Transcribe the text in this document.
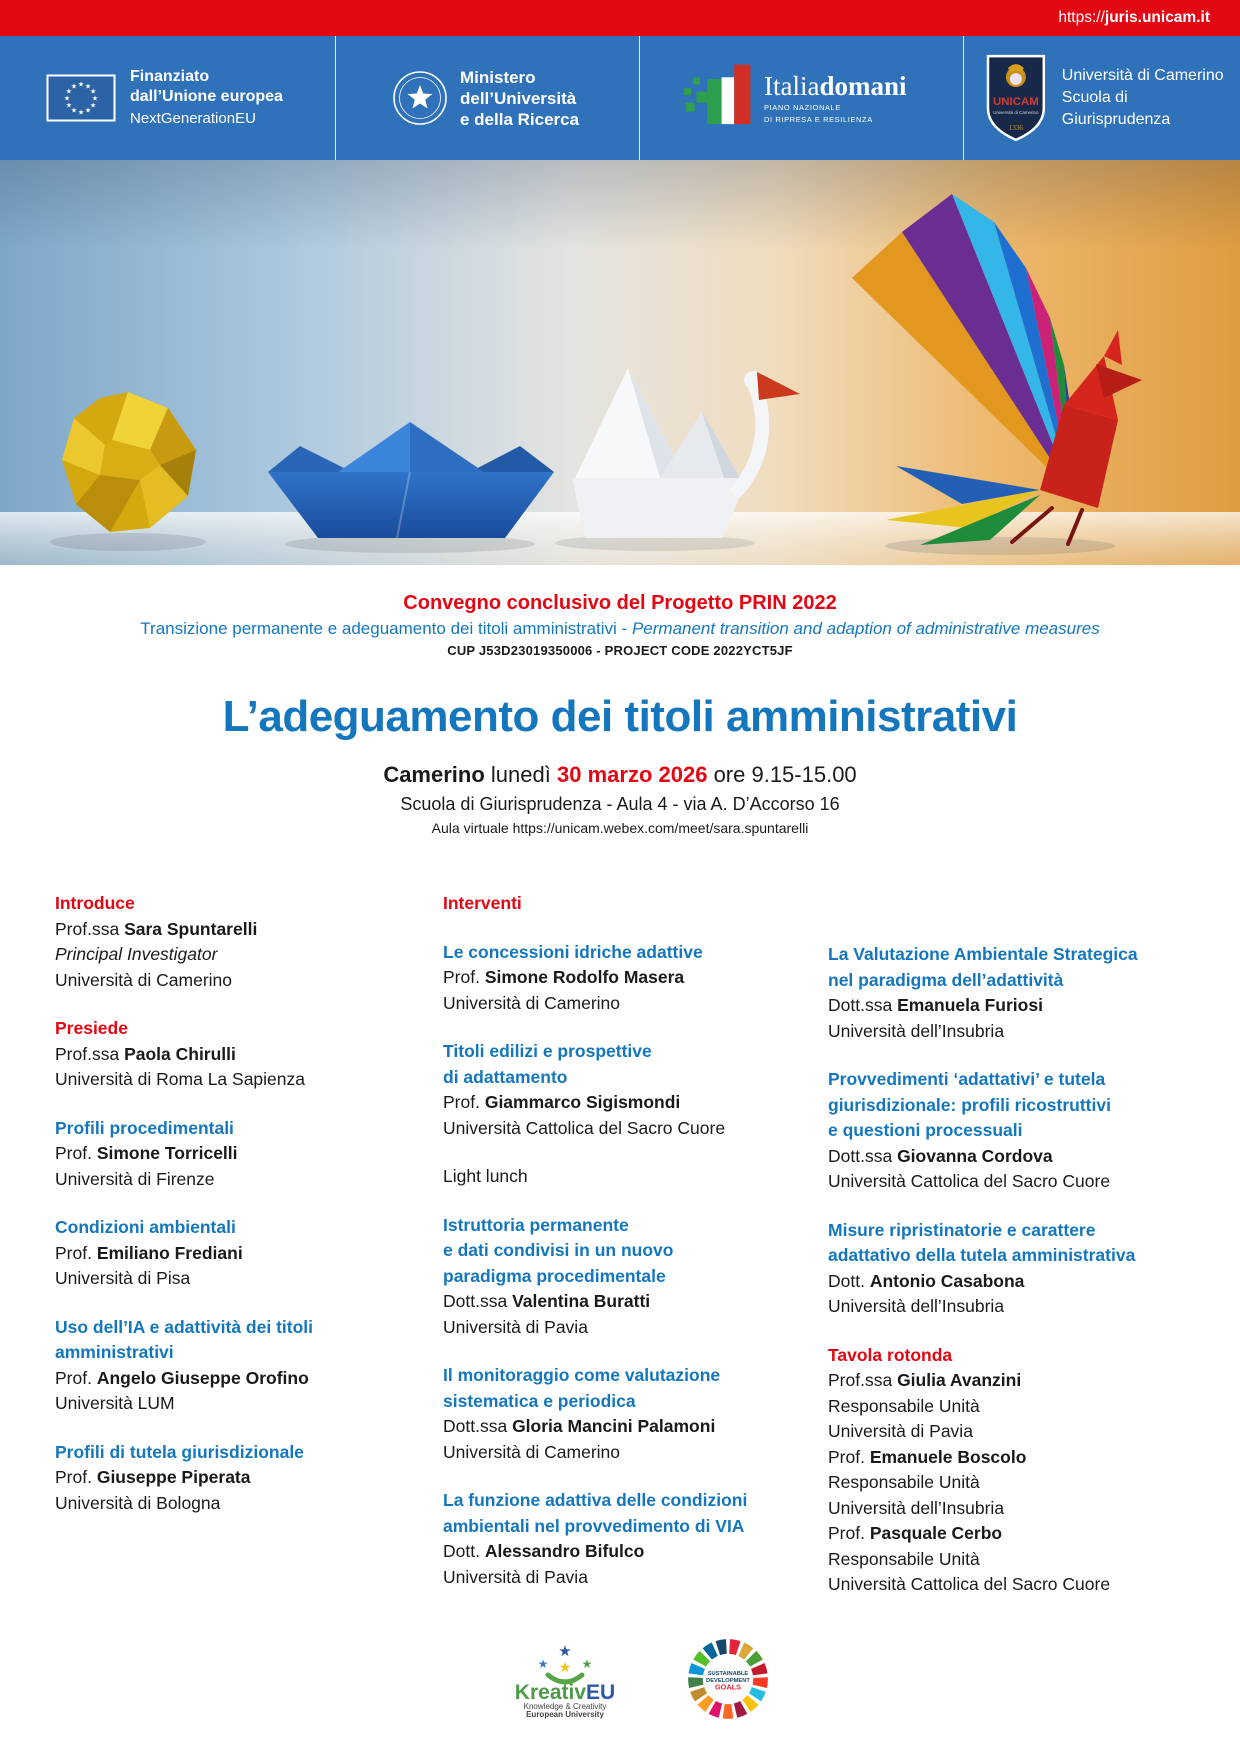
https://juris.unicam.it
★ ★
★
★
★
★
★
★
★
★
★
★
Finanziato
dall’Unione europea
NextGenerationEU
Ministero
dell’Università
e della Ricerca
Italiadomani
PIANO NAZIONALE
DI RIPRESA E RESILIENZA
UNICAM
Università di Camerino
1336
Università di Camerino
Scuola di Giurisprudenza
Convegno conclusivo del Progetto PRIN 2022
Transizione permanente e adeguamento dei titoli amministrativi - Permanent transition and adaption of administrative measures
CUP J53D23019350006 - PROJECT CODE 2022YCT5JF
L’adeguamento dei titoli amministrativi
Camerino lunedì 30 marzo 2026 ore 9.15-15.00
Scuola di Giurisprudenza - Aula 4 - via A. D’Accorso 16
Aula virtuale https://unicam.webex.com/meet/sara.spuntarelli
Introduce
Prof.ssa Sara Spuntarelli
Principal Investigator
Università di Camerino
Presiede
Prof.ssa Paola Chirulli
Università di Roma La Sapienza
Profili procedimentali
Prof. Simone Torricelli
Università di Firenze
Condizioni ambientali
Prof. Emiliano Frediani
Università di Pisa
Uso dell’IA e adattività dei titoli
amministrativi
Prof. Angelo Giuseppe Orofino
Università LUM
Profili di tutela giurisdizionale
Prof. Giuseppe Piperata
Università di Bologna
Interventi
Le concessioni idriche adattive
Prof. Simone Rodolfo Masera
Università di Camerino
Titoli edilizi e prospettive
di adattamento
Prof. Giammarco Sigismondi
Università Cattolica del Sacro Cuore
Light lunch
Istruttoria permanente
e dati condivisi in un nuovo
paradigma procedimentale
Dott.ssa Valentina Buratti
Università di Pavia
Il monitoraggio come valutazione
sistematica e periodica
Dott.ssa Gloria Mancini Palamoni
Università di Camerino
La funzione adattiva delle condizioni
ambientali nel provvedimento di VIA
Dott. Alessandro Bifulco
Università di Pavia
La Valutazione Ambientale Strategica
nel paradigma dell’adattività
Dott.ssa Emanuela Furiosi
Università dell’Insubria
Provvedimenti ‘adattativi’ e tutela
giurisdizionale: profili ricostruttivi
e questioni processuali
Dott.ssa Giovanna Cordova
Università Cattolica del Sacro Cuore
Misure ripristinatorie e carattere
adattativo della tutela amministrativa
Dott. Antonio Casabona
Università dell’Insubria
Tavola rotonda
Prof.ssa Giulia Avanzini
Responsabile Unità
Università di Pavia
Prof. Emanuele Boscolo
Responsabile Unità
Università dell’Insubria
Prof. Pasquale Cerbo
Responsabile Unità
Università Cattolica del Sacro Cuore
★
★	★
★
KreativEU
Knowledge & Creativity
European University
SUSTAINABLE
DEVELOPMENT
GOALS
